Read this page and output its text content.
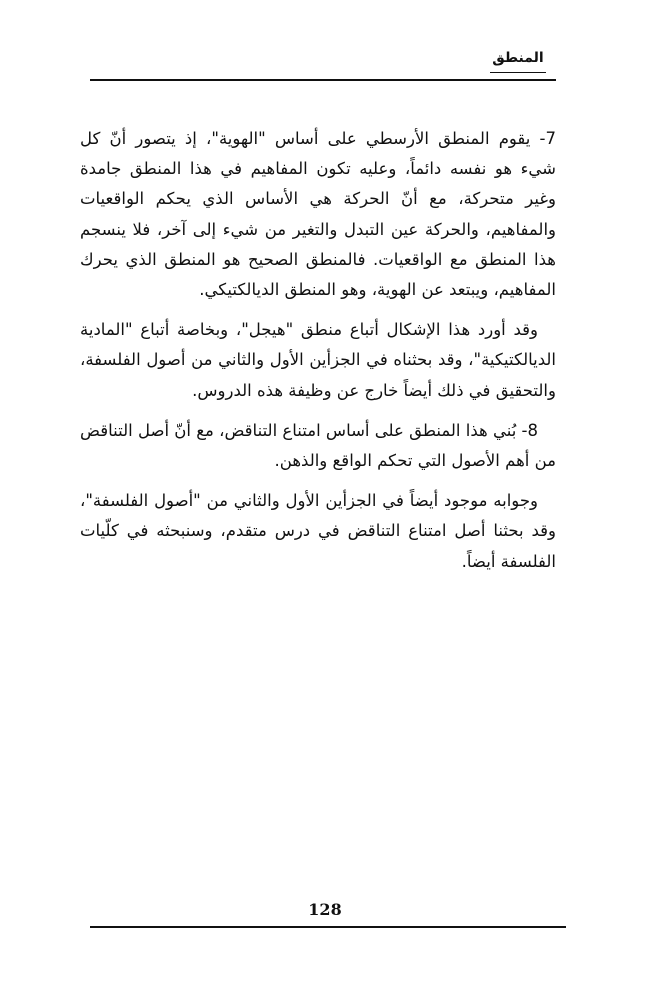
المنطق

7- يقوم المنطق الأرسطي على أساس "الهوية"، إذ يتصور أنّ كل شيء هو نفسه دائماً، وعليه تكون المفاهيم في هذا المنطق جامدة وغير متحركة، مع أنّ الحركة هي الأساس الذي يحكم الواقعيات والمفاهيم، والحركة عين التبدل والتغير من شيء إلى آخر، فلا ينسجم هذا المنطق مع الواقعيات. فالمنطق الصحيح هو المنطق الذي يحرك المفاهيم، ويبتعد عن الهوية، وهو المنطق الديالكتيكي.

وقد أورد هذا الإشكال أتباع منطق "هيجل"، وبخاصة أتباع "المادية الديالكتيكية"، وقد بحثناه في الجزأين الأول والثاني من أصول الفلسفة، والتحقيق في ذلك أيضاً خارج عن وظيفة هذه الدروس.

8- بُني هذا المنطق على أساس امتناع التناقض، مع أنّ أصل التناقض من أهم الأصول التي تحكم الواقع والذهن.

وجوابه موجود أيضاً في الجزأين الأول والثاني من "أصول الفلسفة"، وقد بحثنا أصل امتناع التناقض في درس متقدم، وسنبحثه في كلّيات الفلسفة أيضاً.

128
